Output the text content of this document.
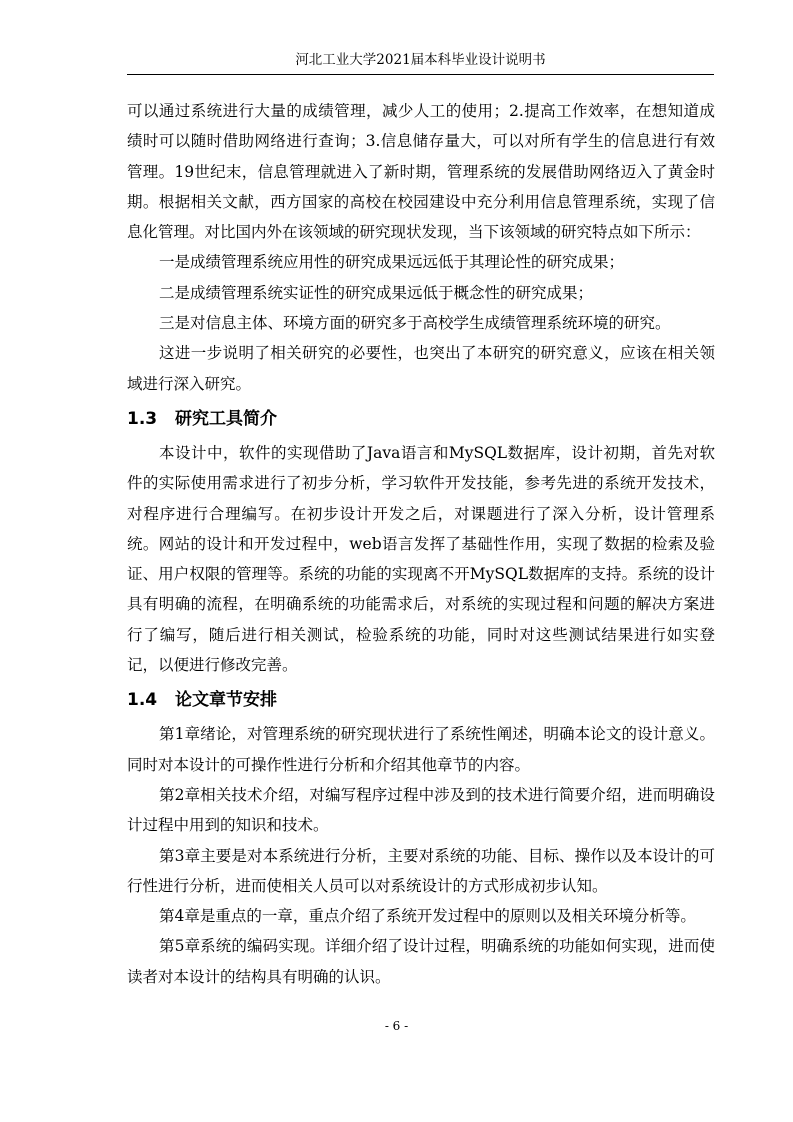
河北工业大学2021届本科毕业设计说明书

可以通过系统进行大量的成绩管理，减少人工的使用；2.提高工作效率，在想知道成绩时可以随时借助网络进行查询；3.信息储存量大，可以对所有学生的信息进行有效管理。19世纪末，信息管理就进入了新时期，管理系统的发展借助网络迈入了黄金时期。根据相关文献，西方国家的高校在校园建设中充分利用信息管理系统，实现了信息化管理。对比国内外在该领域的研究现状发现，当下该领域的研究特点如下所示：

一是成绩管理系统应用性的研究成果远远低于其理论性的研究成果；

二是成绩管理系统实证性的研究成果远低于概念性的研究成果；

三是对信息主体、环境方面的研究多于高校学生成绩管理系统环境的研究。

这进一步说明了相关研究的必要性，也突出了本研究的研究意义，应该在相关领域进行深入研究。

1.3 研究工具简介

本设计中，软件的实现借助了Java语言和MySQL数据库，设计初期，首先对软件的实际使用需求进行了初步分析，学习软件开发技能，参考先进的系统开发技术，对程序进行合理编写。在初步设计开发之后，对课题进行了深入分析，设计管理系统。网站的设计和开发过程中，web语言发挥了基础性作用，实现了数据的检索及验证、用户权限的管理等。系统的功能的实现离不开MySQL数据库的支持。系统的设计具有明确的流程，在明确系统的功能需求后，对系统的实现过程和问题的解决方案进行了编写，随后进行相关测试，检验系统的功能，同时对这些测试结果进行如实登记，以便进行修改完善。

1.4 论文章节安排

第1章绪论，对管理系统的研究现状进行了系统性阐述，明确本论文的设计意义。同时对本设计的可操作性进行分析和介绍其他章节的内容。

第2章相关技术介绍，对编写程序过程中涉及到的技术进行简要介绍，进而明确设计过程中用到的知识和技术。

第3章主要是对本系统进行分析，主要对系统的功能、目标、操作以及本设计的可行性进行分析，进而使相关人员可以对系统设计的方式形成初步认知。

第4章是重点的一章，重点介绍了系统开发过程中的原则以及相关环境分析等。

第5章系统的编码实现。详细介绍了设计过程，明确系统的功能如何实现，进而使读者对本设计的结构具有明确的认识。

- 6 -
